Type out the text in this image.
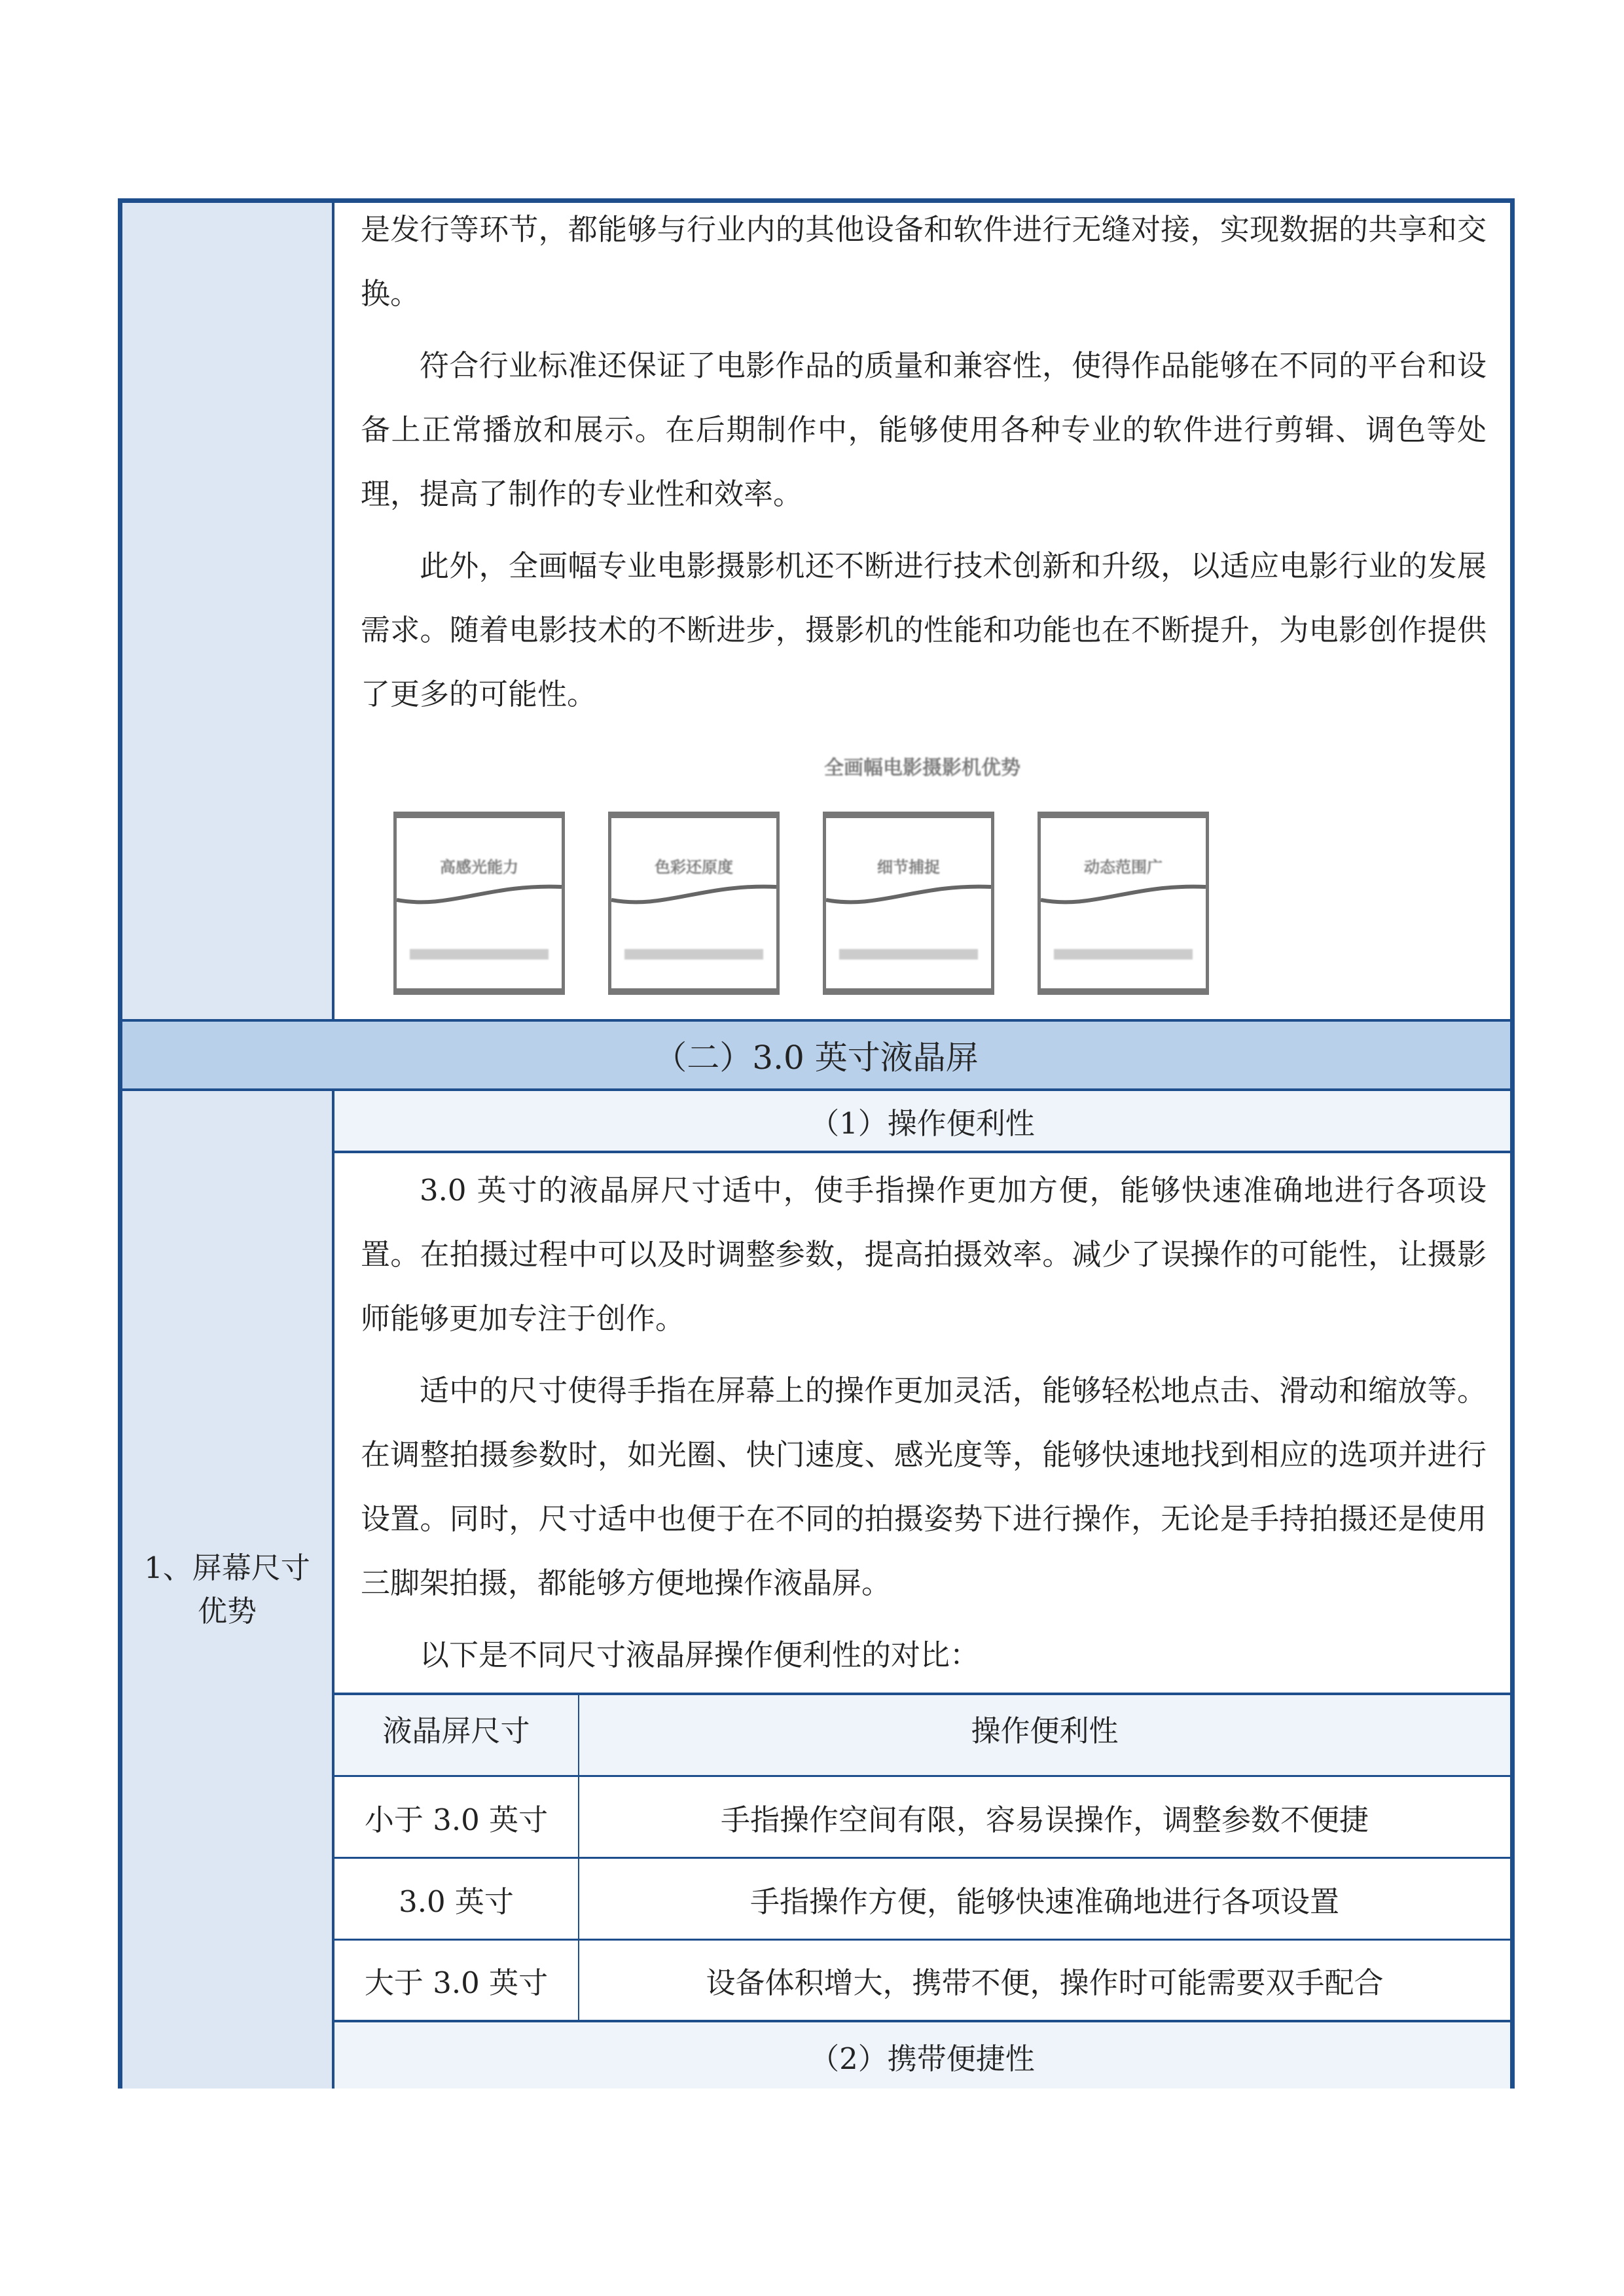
是发行等环节，都能够与行业内的其他设备和软件进行无缝对接，实现数据的共享和交换。

符合行业标准还保证了电影作品的质量和兼容性，使得作品能够在不同的平台和设备上正常播放和展示。在后期制作中，能够使用各种专业的软件进行剪辑、调色等处理，提高了制作的专业性和效率。

此外，全画幅专业电影摄影机还不断进行技术创新和升级，以适应电影行业的发展需求。随着电影技术的不断进步，摄影机的性能和功能也在不断提升，为电影创作提供了更多的可能性。

全画幅电影摄影机优势
高感光能力	色彩还原度	细节捕捉	动态范围广
（二）3.0 英寸液晶屏
1、屏幕尺寸优势
（1）操作便利性

3.0 英寸的液晶屏尺寸适中，使手指操作更加方便，能够快速准确地进行各项设置。在拍摄过程中可以及时调整参数，提高拍摄效率。减少了误操作的可能性，让摄影师能够更加专注于创作。

适中的尺寸使得手指在屏幕上的操作更加灵活，能够轻松地点击、滑动和缩放等。在调整拍摄参数时，如光圈、快门速度、感光度等，能够快速地找到相应的选项并进行设置。同时，尺寸适中也便于在不同的拍摄姿势下进行操作，无论是手持拍摄还是使用三脚架拍摄，都能够方便地操作液晶屏。

以下是不同尺寸液晶屏操作便利性的对比：

液晶屏尺寸	操作便利性
小于 3.0 英寸	手指操作空间有限，容易误操作，调整参数不便捷
3.0 英寸	手指操作方便，能够快速准确地进行各项设置
大于 3.0 英寸	设备体积增大，携带不便，操作时可能需要双手配合
（2）携带便捷性
